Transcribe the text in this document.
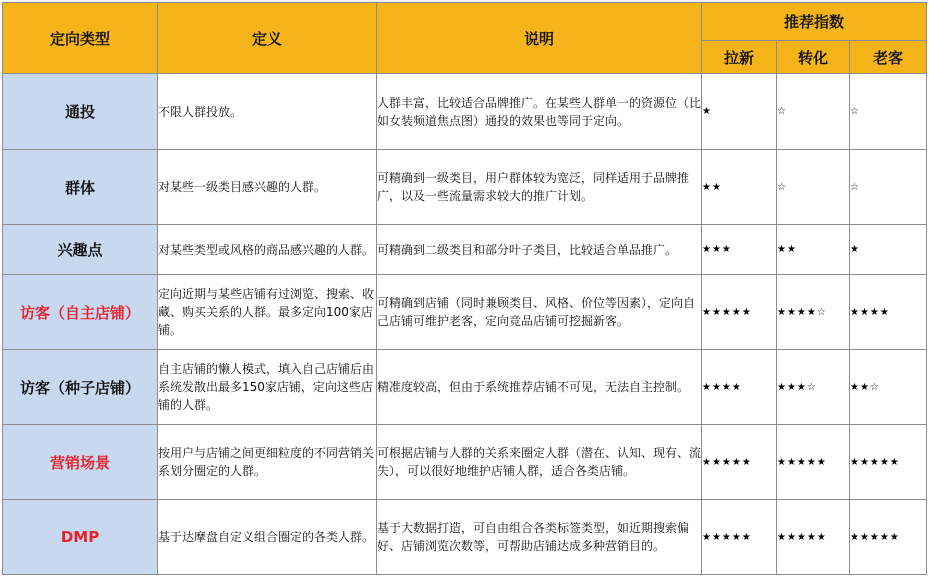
定向类型	定义	说明	推荐指数		
			拉新	转化	老客
通投	不限人群投放。	人群丰富，比较适合品牌推广。在某些人群单一的资源位（比如女装频道焦点图）通投的效果也等同于定向。	★	☆	☆
群体	对某些一级类目感兴趣的人群。	可精确到一级类目，用户群体较为宽泛，同样适用于品牌推广，以及一些流量需求较大的推广计划。	★★	☆	☆
兴趣点	对某些类型或风格的商品感兴趣的人群。	可精确到二级类目和部分叶子类目，比较适合单品推广。	★★★	★★	★
访客（自主店铺）	定向近期与某些店铺有过浏览、搜索、收藏、购买关系的人群。最多定向100家店铺。	可精确到店铺（同时兼顾类目、风格、价位等因素），定向自己店铺可维护老客，定向竞品店铺可挖掘新客。	★★★★★	★★★★☆	★★★★
访客（种子店铺）	自主店铺的懒人模式，填入自己店铺后由系统发散出最多150家店铺，定向这些店铺的人群。	精准度较高，但由于系统推荐店铺不可见，无法自主控制。	★★★★	★★★☆	★★☆
营销场景	按用户与店铺之间更细粒度的不同营销关系划分圈定的人群。	可根据店铺与人群的关系来圈定人群（潜在、认知、现有、流失），可以很好地维护店铺人群，适合各类店铺。	★★★★★	★★★★★	★★★★★
DMP	基于达摩盘自定义组合圈定的各类人群。	基于大数据打造，可自由组合各类标签类型，如近期搜索偏好、店铺浏览次数等，可帮助店铺达成多种营销目的。	★★★★★	★★★★★	★★★★★
